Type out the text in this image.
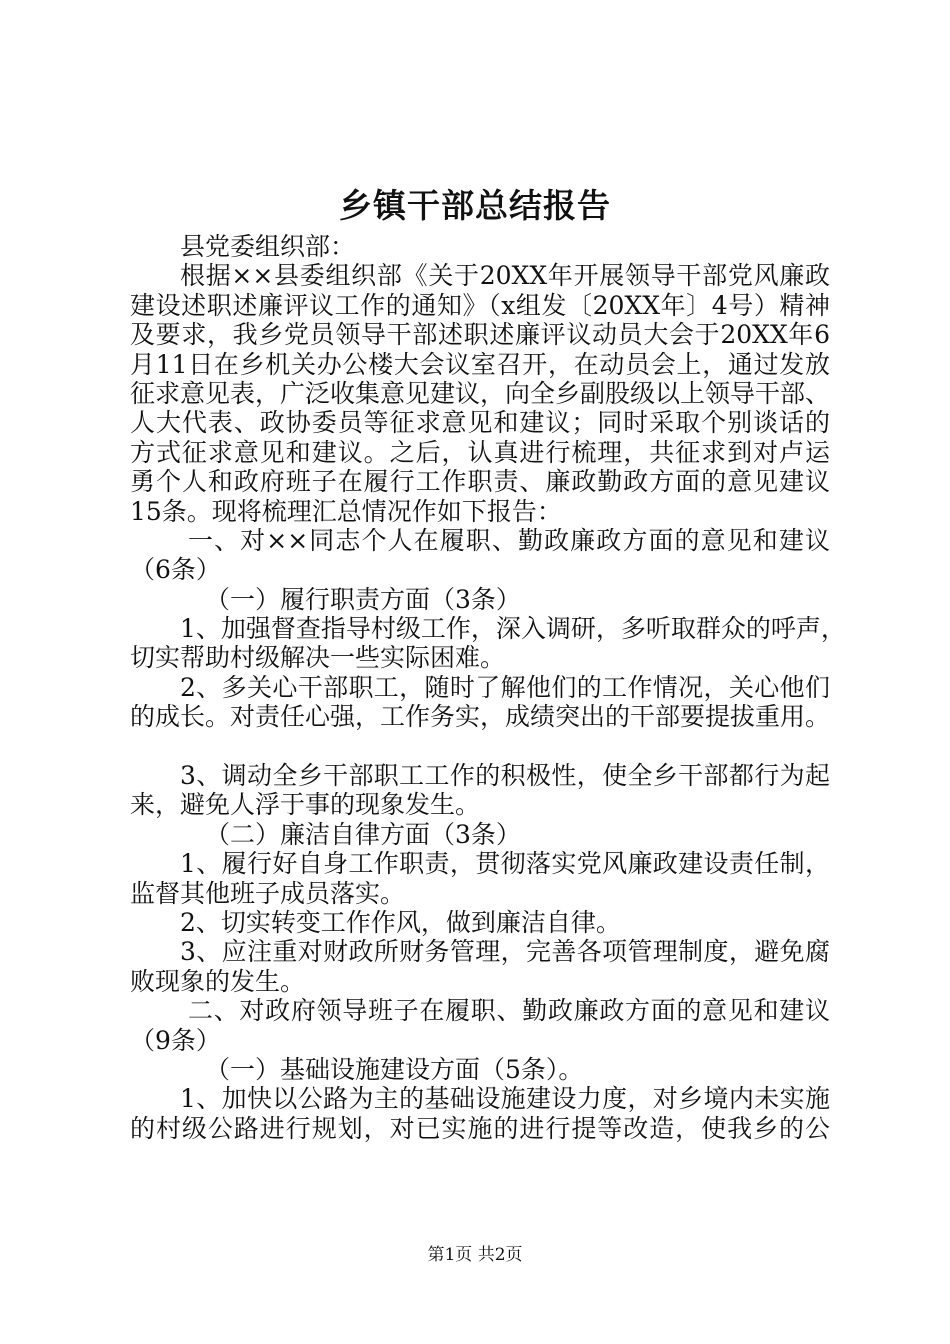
乡镇干部总结报告
县党委组织部：
根据××县委组织部《关于20XX年开展领导干部党风廉政
建设述职述廉评议工作的通知》（x组发〔20XX年〕4号）精神
及要求，我乡党员领导干部述职述廉评议动员大会于20XX年6
月11日在乡机关办公楼大会议室召开，在动员会上，通过发放
征求意见表，广泛收集意见建议，向全乡副股级以上领导干部、
人大代表、政协委员等征求意见和建议；同时采取个别谈话的
方式征求意见和建议。之后，认真进行梳理，共征求到对卢运
勇个人和政府班子在履行工作职责、廉政勤政方面的意见建议
15条。现将梳理汇总情况作如下报告：
一、对××同志个人在履职、勤政廉政方面的意见和建议
（6条）
（一）履行职责方面（3条）
1、加强督查指导村级工作，深入调研，多听取群众的呼声，
切实帮助村级解决一些实际困难。
2、多关心干部职工，随时了解他们的工作情况，关心他们
的成长。对责任心强，工作务实，成绩突出的干部要提拔重用。
3、调动全乡干部职工工作的积极性，使全乡干部都行为起
来，避免人浮于事的现象发生。
（二）廉洁自律方面（3条）
1、履行好自身工作职责，贯彻落实党风廉政建设责任制，
监督其他班子成员落实。
2、切实转变工作作风，做到廉洁自律。
3、应注重对财政所财务管理，完善各项管理制度，避免腐
败现象的发生。
二、对政府领导班子在履职、勤政廉政方面的意见和建议
（9条）
（一）基础设施建设方面（5条）。
1、加快以公路为主的基础设施建设力度，对乡境内未实施
的村级公路进行规划，对已实施的进行提等改造，使我乡的公
第1页 共2页
